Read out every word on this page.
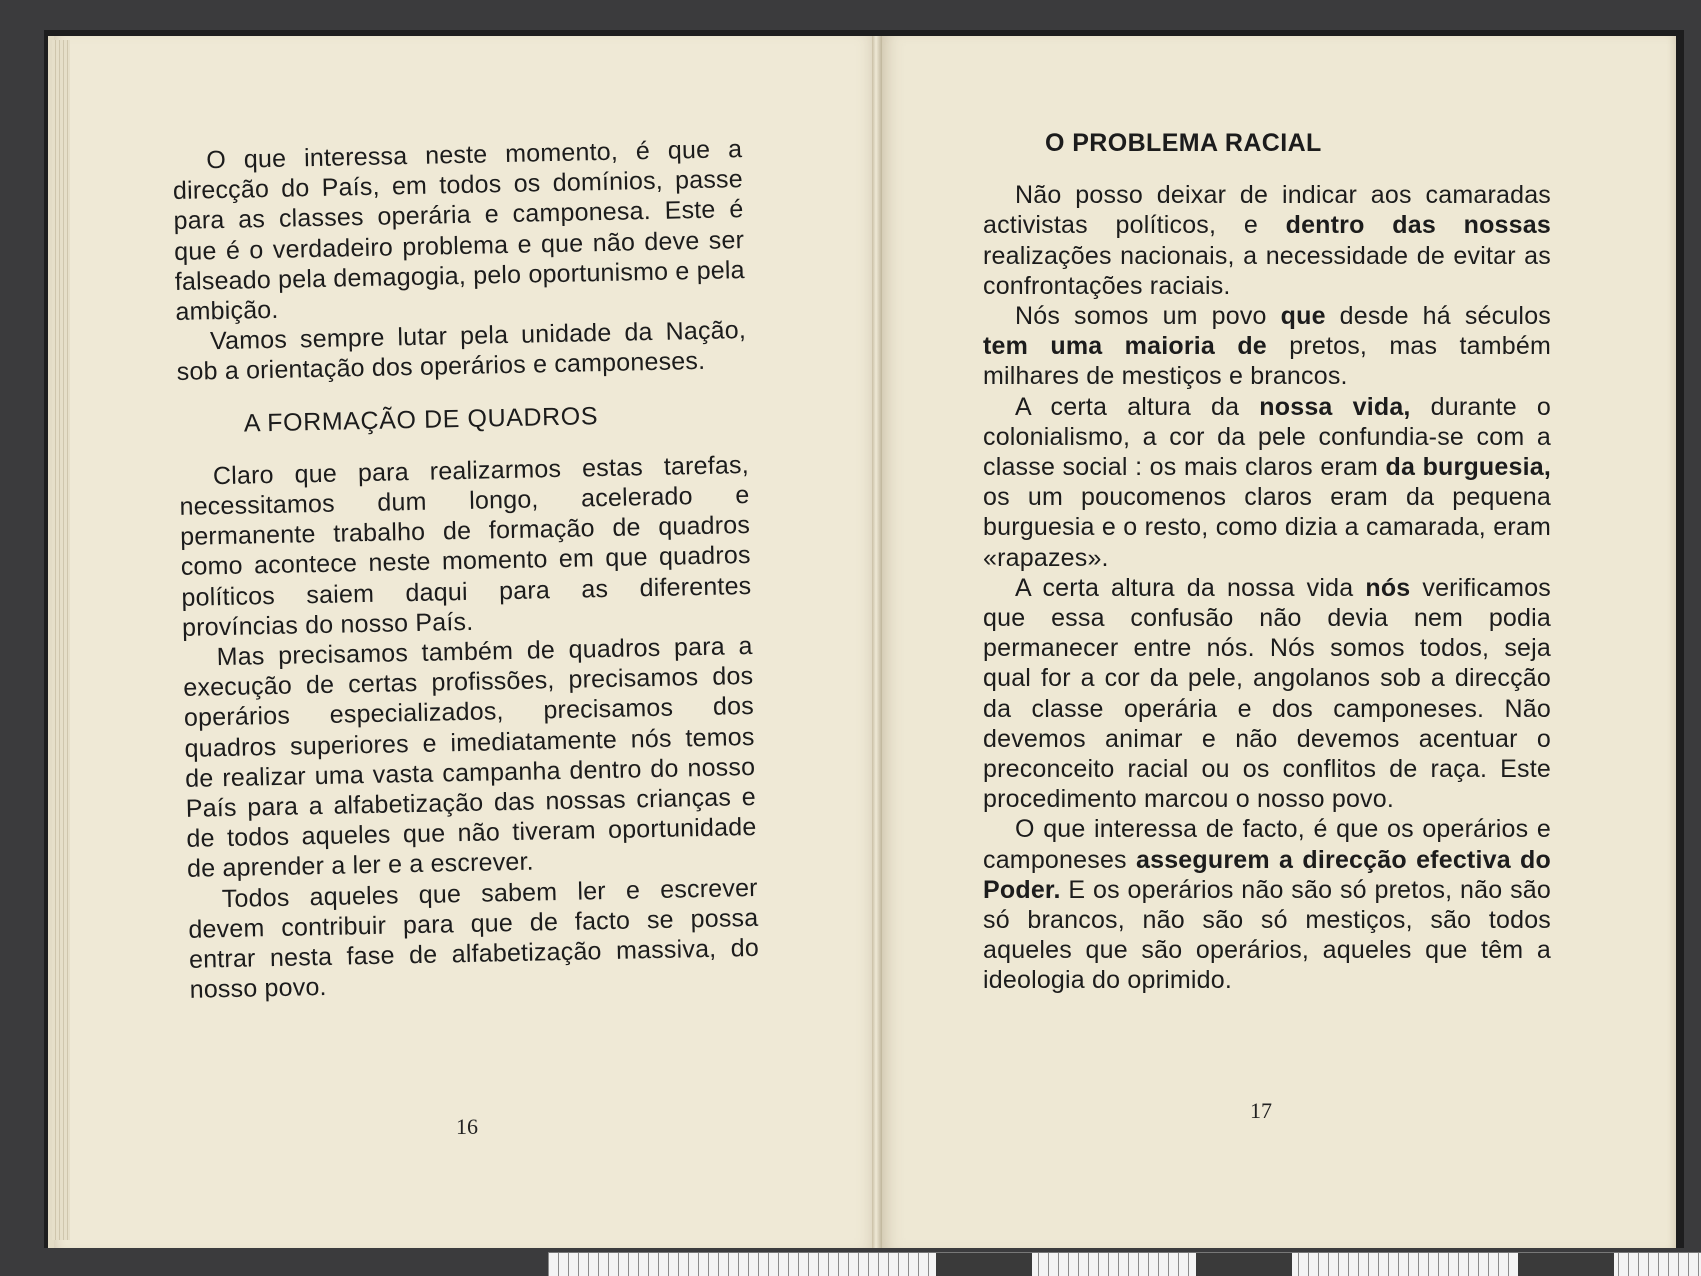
O que interessa neste momento, é que a direcção do País, em todos os domínios, passe para as classes operária e camponesa. Este é que é o verdadeiro problema e que não deve ser falseado pela demagogia, pelo oportunismo e pela ambição.

Vamos sempre lutar pela unidade da Nação, sob a orientação dos operários e camponeses.

A FORMAÇÃO DE QUADROS

Claro que para realizarmos estas tarefas, necessitamos dum longo, acelerado e permanente trabalho de formação de quadros como acontece neste momento em que quadros políticos saiem daqui para as diferentes províncias do nosso País.

Mas precisamos também de quadros para a execução de certas profissões, precisamos dos operários especializados, precisamos dos quadros superiores e imediatamente nós temos de realizar uma vasta campanha dentro do nosso País para a alfabetização das nossas crianças e de todos aqueles que não tiveram oportunidade de aprender a ler e a escrever.

Todos aqueles que sabem ler e escrever devem contribuir para que de facto se possa entrar nesta fase de alfabetização massiva, do nosso povo.

16
O PROBLEMA RACIAL

Não posso deixar de indicar aos camaradas activistas políticos, e dentro das nossas realizações nacionais, a necessidade de evitar as confrontações raciais.

Nós somos um povo que desde há séculos tem uma maioria de pretos, mas também milhares de mestiços e brancos.

A certa altura da nossa vida, durante o colonialismo, a cor da pele confundia-se com a classe social : os mais claros eram da burguesia, os um poucomenos claros eram da pequena burguesia e o resto, como dizia a camarada, eram «rapazes».

A certa altura da nossa vida nós verificamos que essa confusão não devia nem podia permanecer entre nós. Nós somos todos, seja qual for a cor da pele, angolanos sob a direcção da classe operária e dos camponeses. Não devemos animar e não devemos acentuar o preconceito racial ou os conflitos de raça. Este procedimento marcou o nosso povo.

O que interessa de facto, é que os operários e camponeses assegurem a direcção efectiva do Poder. E os operários não são só pretos, não são só brancos, não são só mestiços, são todos aqueles que são operários, aqueles que têm a ideologia do oprimido.

17
